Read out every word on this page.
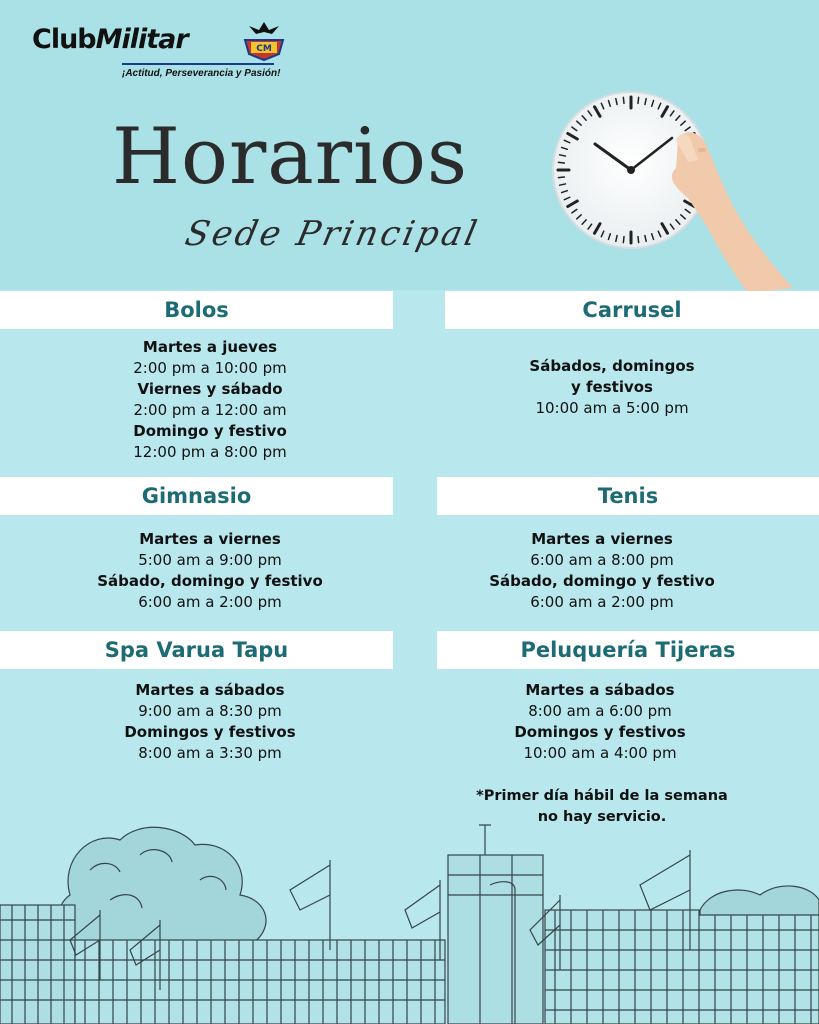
ClubMilitar	CM
¡Actitud, Perseverancia y Pasión!
Horarios
Sede Principal
Bolos
Martes a jueves
2:00 pm a 10:00 pm
Viernes y sábado
2:00 pm a 12:00 am
Domingo y festivo
12:00 pm a 8:00 pm
Carrusel
Sábados, domingos
y festivos
10:00 am a 5:00 pm
Gimnasio
Martes a viernes
5:00 am a 9:00 pm
Sábado, domingo y festivo
6:00 am a 2:00 pm
Tenis
Martes a viernes
6:00 am a 8:00 pm
Sábado, domingo y festivo
6:00 am a 2:00 pm
Spa Varua Tapu
Martes a sábados
9:00 am a 8:30 pm
Domingos y festivos
8:00 am a 3:30 pm
Peluquería Tijeras
Martes a sábados
8:00 am a 6:00 pm
Domingos y festivos
10:00 am a 4:00 pm
*Primer día hábil de la semana
no hay servicio.
